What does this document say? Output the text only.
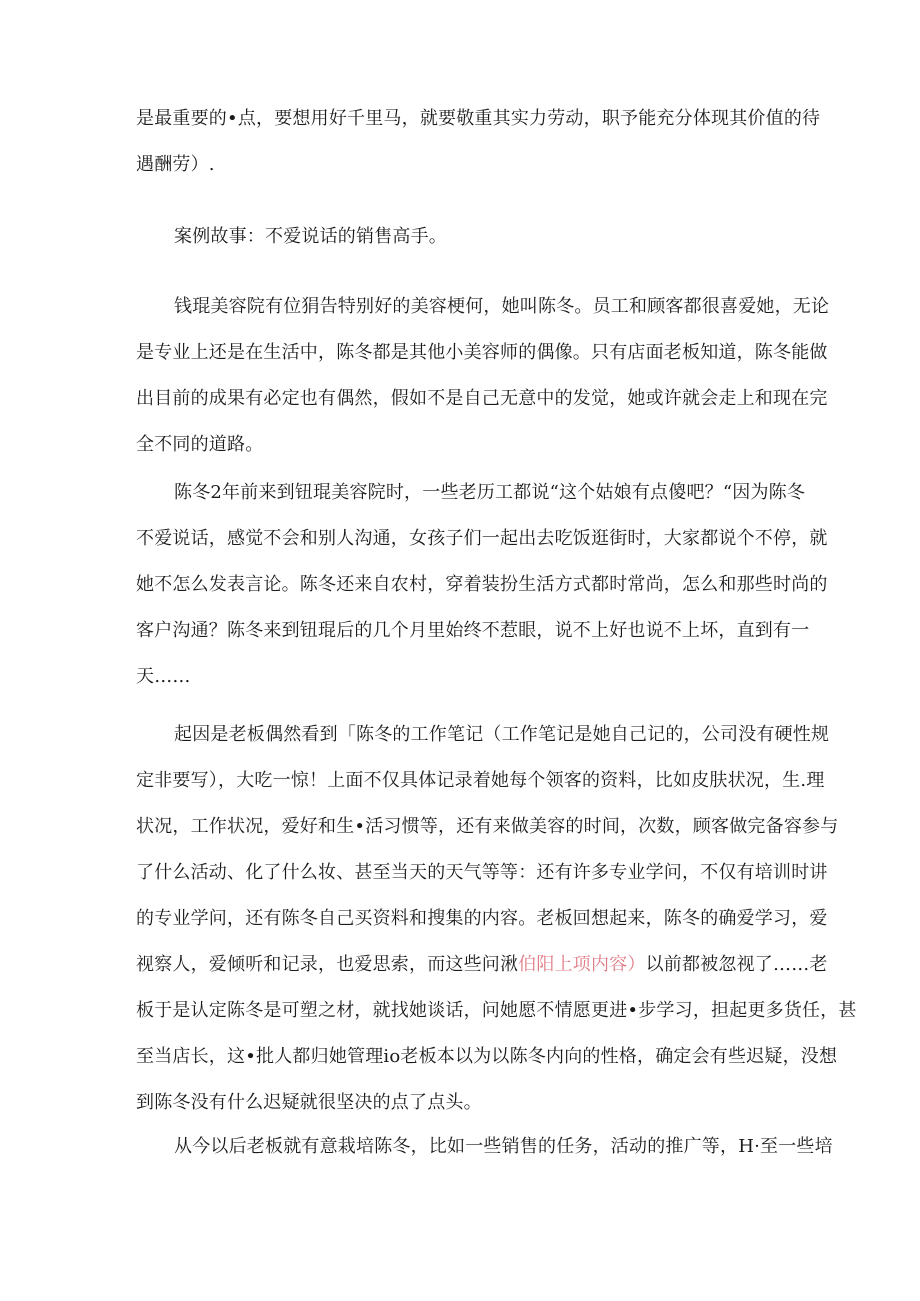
是最重要的•点，要想用好千里马，就要敬重其实力劳动，职予能充分体现其价值的待
遇酬劳）.

案例故事：不爱说话的销售高手。

钱琨美容院有位狷告特别好的美容梗何，她叫陈冬。员工和顾客都很喜爱她，无论
是专业上还是在生活中，陈冬都是其他小美容师的偶像。只有店面老板知道，陈冬能做
出目前的成果有必定也有偶然，假如不是自己无意中的发觉，她或许就会走上和现在完
全不同的道路。

陈冬2年前来到钮琨美容院时，一些老历工都说“这个姑娘有点傻吧？“因为陈冬
不爱说话，感觉不会和别人沟通，女孩子们一起出去吃饭逛街时，大家都说个不停，就
她不怎么发表言论。陈冬还来自农村，穿着装扮生活方式都时常尚，怎么和那些时尚的
客户沟通？陈冬来到钮琨后的几个月里始终不惹眼，说不上好也说不上坏，直到有一
天……

起因是老板偶然看到「陈冬的工作笔记（工作笔记是她自己记的，公司没有硬性规
定非要写），大吃一惊！上面不仅具体记录着她每个领客的资料，比如皮肤状况，生.理
状况，工作状况，爱好和生•活习惯等，还有来做美容的时间，次数，顾客做完备容参与
了什么活动、化了什么妆、甚至当天的天气等等：还有许多专业学问，不仅有培训时讲
的专业学问，还有陈冬自己买资料和搜集的内容。老板回想起来，陈冬的确爱学习，爱
视察人，爱倾听和记录，也爱思索，而这些问湫伯阳上项内容）以前都被忽视了……老
板于是认定陈冬是可塑之材，就找她谈话，问她愿不情愿更进•步学习，担起更多货任，甚
至当店长，这•批人都归她管理io老板本以为以陈冬内向的性格，确定会有些迟疑，没想
到陈冬没有什么迟疑就很坚决的点了点头。

从今以后老板就有意栽培陈冬，比如一些销售的任务，活动的推广等，H·至一些培
